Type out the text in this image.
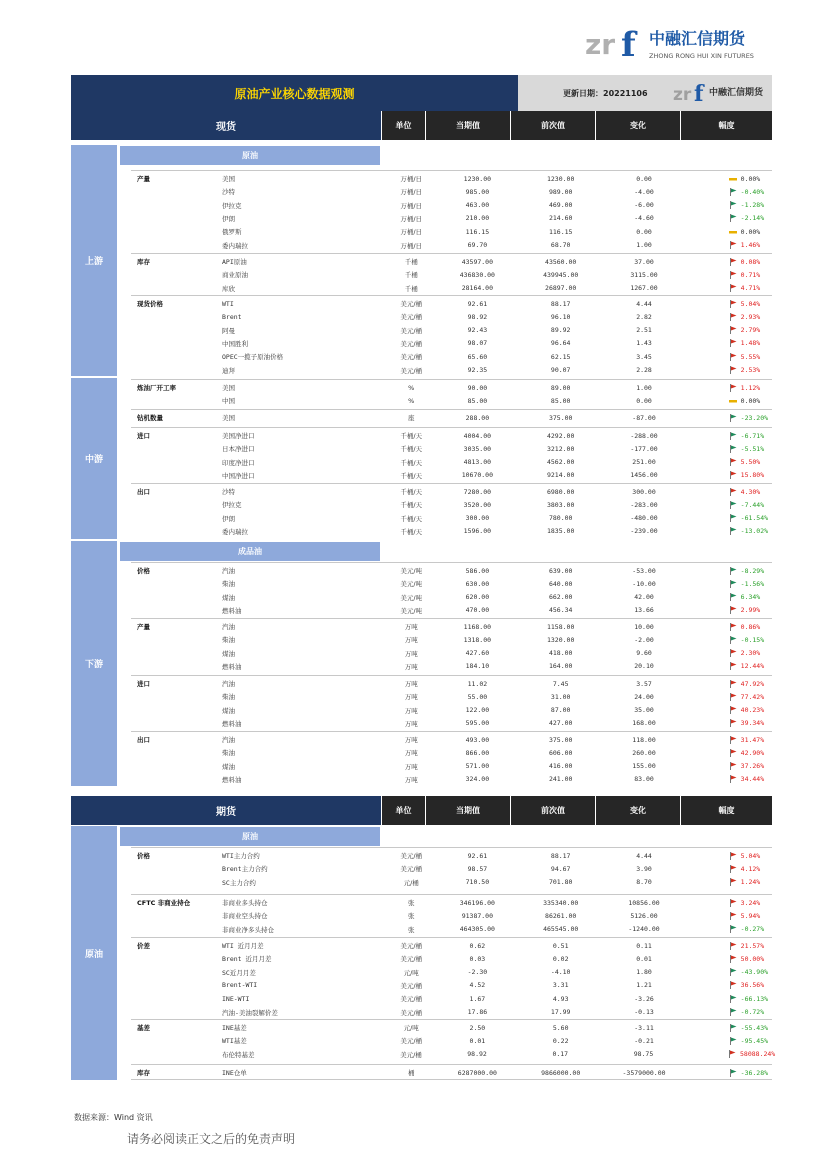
zr f 中融汇信期货
ZHONG RONG HUI XIN FUTURES
原油产业核心数据观测	更新日期：20221106	zr f 中融汇信期货
现货	单位	当期值	前次值	变化	幅度
期货	单位	当期值	前次值	变化	幅度
数据来源：Wind 资讯
请务必阅读正文之后的免责声明
上游
中游
下游
原油
成品油
产量	美国	万桶/日	1230.00	1230.00	0.00	0.00%
沙特	万桶/日	985.00	989.00	-4.00	-0.40%
伊拉克	万桶/日	463.00	469.00	-6.00	-1.28%
伊朗	万桶/日	210.00	214.60	-4.60	-2.14%
俄罗斯	万桶/日	116.15	116.15	0.00	0.00%
委内瑞拉	万桶/日	69.70	68.70	1.00	1.46%
库存	API原油	千桶	43597.00	43560.00	37.00	0.08%
商业原油	千桶	436830.00	439945.00	3115.00	0.71%
库欣	千桶	28164.00	26897.00	1267.00	4.71%
现货价格	WTI	美元/桶	92.61	88.17	4.44	5.04%
Brent	美元/桶	98.92	96.10	2.82	2.93%
阿曼	美元/桶	92.43	89.92	2.51	2.79%
中国胜利	美元/桶	98.07	96.64	1.43	1.48%
OPEC一揽子原油价格	美元/桶	65.60	62.15	3.45	5.55%
迪拜	美元/桶	92.35	90.07	2.28	2.53%
炼油厂开工率	美国	%	90.00	89.00	1.00	1.12%
中国	%	85.00	85.00	0.00	0.00%
钻机数量	美国	座	288.00	375.00	-87.00	-23.20%
进口	美国净进口	千桶/天	4004.00	4292.00	-288.00	-6.71%
日本净进口	千桶/天	3035.00	3212.00	-177.00	-5.51%
印度净进口	千桶/天	4813.00	4562.00	251.00	5.50%
中国净进口	千桶/天	10670.00	9214.00	1456.00	15.80%
出口	沙特	千桶/天	7280.00	6980.00	300.00	4.30%
伊拉克	千桶/天	3520.00	3803.00	-283.00	-7.44%
伊朗	千桶/天	300.00	780.00	-480.00	-61.54%
委内瑞拉	千桶/天	1596.00	1835.00	-239.00	-13.02%
价格	汽油	美元/吨	586.00	639.00	-53.00	-8.29%
柴油	美元/吨	630.00	640.00	-10.00	-1.56%
煤油	美元/吨	620.00	662.00	42.00	6.34%
燃料油	美元/吨	470.00	456.34	13.66	2.99%
产量	汽油	万吨	1168.00	1158.00	10.00	0.86%
柴油	万吨	1318.00	1320.00	-2.00	-0.15%
煤油	万吨	427.60	418.00	9.60	2.30%
燃料油	万吨	184.10	164.00	20.10	12.44%
进口	汽油	万吨	11.02	7.45	3.57	47.92%
柴油	万吨	55.00	31.00	24.00	77.42%
煤油	万吨	122.00	87.00	35.00	40.23%
燃料油	万吨	595.00	427.00	168.00	39.34%
出口	汽油	万吨	493.00	375.00	118.00	31.47%
柴油	万吨	866.00	606.00	260.00	42.90%
煤油	万吨	571.00	416.00	155.00	37.26%
燃料油	万吨	324.00	241.00	83.00	34.44%
原油
原油
价格	WTI主力合约	美元/桶	92.61	88.17	4.44	5.04%
Brent主力合约	美元/桶	98.57	94.67	3.90	4.12%
SC主力合约	元/桶	710.50	701.80	8.70	1.24%
CFTC 非商业持仓	非商业多头持仓	张	346196.00	335340.00	10856.00	3.24%
非商业空头持仓	张	91387.00	86261.00	5126.00	5.94%
非商业净多头持仓	张	464305.00	465545.00	-1240.00	-0.27%
价差	WTI 近月月差	美元/桶	0.62	0.51	0.11	21.57%
Brent 近月月差	美元/桶	0.03	0.02	0.01	50.00%
SC近月月差	元/吨	-2.30	-4.10	1.80	-43.90%
Brent-WTI	美元/桶	4.52	3.31	1.21	36.56%
INE-WTI	美元/桶	1.67	4.93	-3.26	-66.13%
汽油-美油裂解价差	美元/桶	17.86	17.99	-0.13	-0.72%
基差	INE基差	元/吨	2.50	5.60	-3.11	-55.43%
WTI基差	美元/桶	0.01	0.22	-0.21	-95.45%
布伦特基差	美元/桶	98.92	0.17	98.75	58088.24%
库存	INE仓单	桶	6287000.00	9866000.00	-3579000.00	-36.28%
